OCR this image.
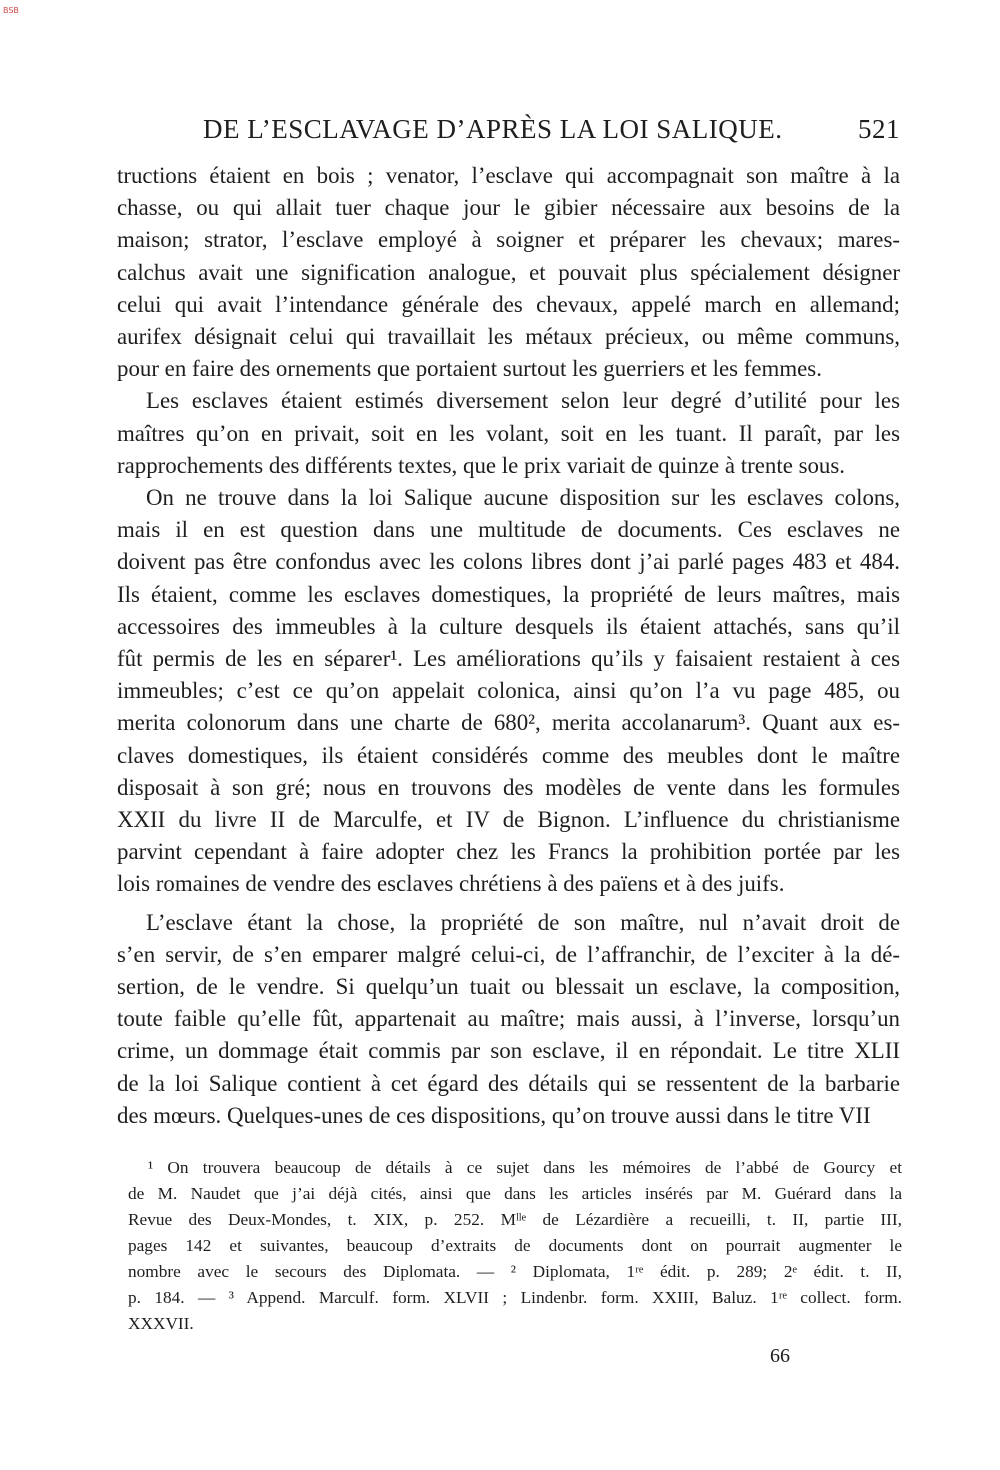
BSB
DE L’ESCLAVAGE D’APRÈS LA LOI SALIQUE.	521

tructions étaient en bois ; venator, l’esclave qui accompagnait son maître à la
chasse, ou qui allait tuer chaque jour le gibier nécessaire aux besoins de la
maison; strator, l’esclave employé à soigner et préparer les chevaux; mares-
calchus avait une signification analogue, et pouvait plus spécialement désigner
celui qui avait l’intendance générale des chevaux, appelé march en allemand;
aurifex désignait celui qui travaillait les métaux précieux, ou même communs,
pour en faire des ornements que portaient surtout les guerriers et les femmes.

Les esclaves étaient estimés diversement selon leur degré d’utilité pour les
maîtres qu’on en privait, soit en les volant, soit en les tuant. Il paraît, par les
rapprochements des différents textes, que le prix variait de quinze à trente sous.

On ne trouve dans la loi Salique aucune disposition sur les esclaves colons,
mais il en est question dans une multitude de documents. Ces esclaves ne
doivent pas être confondus avec les colons libres dont j’ai parlé pages 483 et 484.
Ils étaient, comme les esclaves domestiques, la propriété de leurs maîtres, mais
accessoires des immeubles à la culture desquels ils étaient attachés, sans qu’il
fût permis de les en séparer¹. Les améliorations qu’ils y faisaient restaient à ces
immeubles; c’est ce qu’on appelait colonica, ainsi qu’on l’a vu page 485, ou
merita colonorum dans une charte de 680², merita accolanarum³. Quant aux es-
claves domestiques, ils étaient considérés comme des meubles dont le maître
disposait à son gré; nous en trouvons des modèles de vente dans les formules
XXII du livre II de Marculfe, et IV de Bignon. L’influence du christianisme
parvint cependant à faire adopter chez les Francs la prohibition portée par les
lois romaines de vendre des esclaves chrétiens à des païens et à des juifs.

L’esclave étant la chose, la propriété de son maître, nul n’avait droit de
s’en servir, de s’en emparer malgré celui-ci, de l’affranchir, de l’exciter à la dé-
sertion, de le vendre. Si quelqu’un tuait ou blessait un esclave, la composition,
toute faible qu’elle fût, appartenait au maître; mais aussi, à l’inverse, lorsqu’un
crime, un dommage était commis par son esclave, il en répondait. Le titre XLII
de la loi Salique contient à cet égard des détails qui se ressentent de la barbarie
des mœurs. Quelques-unes de ces dispositions, qu’on trouve aussi dans le titre VII

¹ On trouvera beaucoup de détails à ce sujet dans les mémoires de l’abbé de Gourcy et
de M. Naudet que j’ai déjà cités, ainsi que dans les articles insérés par M. Guérard dans la
Revue des Deux-Mondes, t. XIX, p. 252. Mˡˡᵉ de Lézardière a recueilli, t. II, partie III,
pages 142 et suivantes, beaucoup d’extraits de documents dont on pourrait augmenter le
nombre avec le secours des Diplomata. — ² Diplomata, 1ʳᵉ édit. p. 289; 2ᵉ édit. t. II,
p. 184. — ³ Append. Marculf. form. XLVII ; Lindenbr. form. XXIII, Baluz. 1ʳᵉ collect. form.
XXXVII.
66
